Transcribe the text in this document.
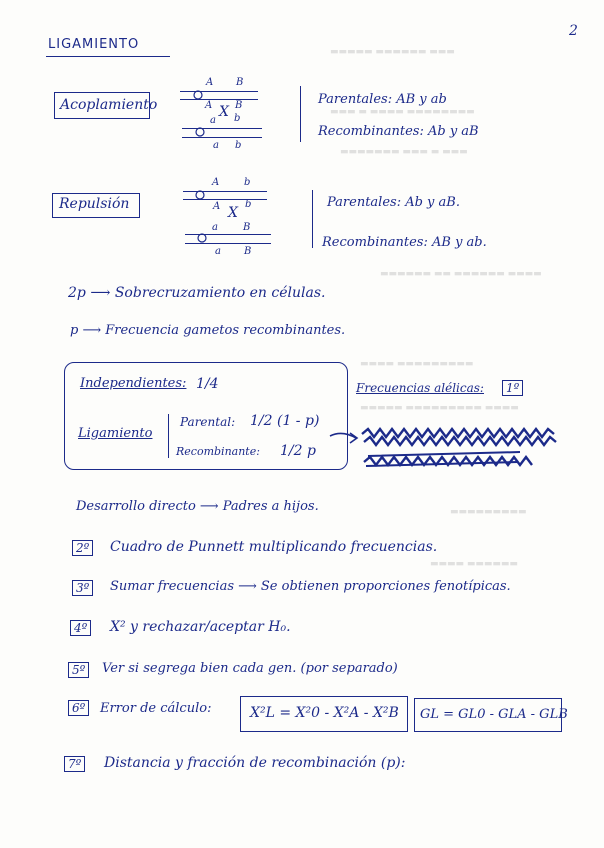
▬▬▬▬▬ ▬▬▬▬▬▬ ▬▬▬
▬▬▬ ▬ ▬▬▬▬ ▬▬▬▬▬▬▬▬
▬▬▬▬▬▬▬ ▬▬▬ ▬ ▬▬▬
▬▬▬▬▬▬ ▬▬ ▬▬▬▬▬▬ ▬▬▬▬
▬▬▬▬ ▬▬▬▬▬▬▬▬▬
▬▬▬▬▬ ▬▬▬▬▬▬▬▬▬ ▬▬▬▬
▬▬▬▬▬▬▬▬▬
▬▬▬▬ ▬▬▬▬▬▬
2
LIGAMIENTO
Acoplamiento
A B
A B
X
a b
a b
Parentales: AB y ab
Recombinantes: Ab y aB
Repulsión
A b
A b
X
a	B
a B
Parentales: Ab y aB.
Recombinantes: AB y ab.
2p ⟶ Sobrecruzamiento en células.
p ⟶ Frecuencia gametos recombinantes.
Independientes: 1/4
Ligamiento
Parental: 1/2 (1 - p)
Recombinante: 1/2 p
Frecuencias alélicas:	1º
Desarrollo directo ⟶ Padres a hijos.
2º Cuadro de Punnett multiplicando frecuencias.
3º	Sumar frecuencias ⟶ Se obtienen proporciones fenotípicas.
4º X² y rechazar/aceptar H₀.
5º	Ver si segrega bien cada gen. (por separado)
6º	Error de cálculo:	X²L = X²0 - X²A - X²B GL = GL0 - GLA - GLB
7º Distancia y fracción de recombinación (p):
